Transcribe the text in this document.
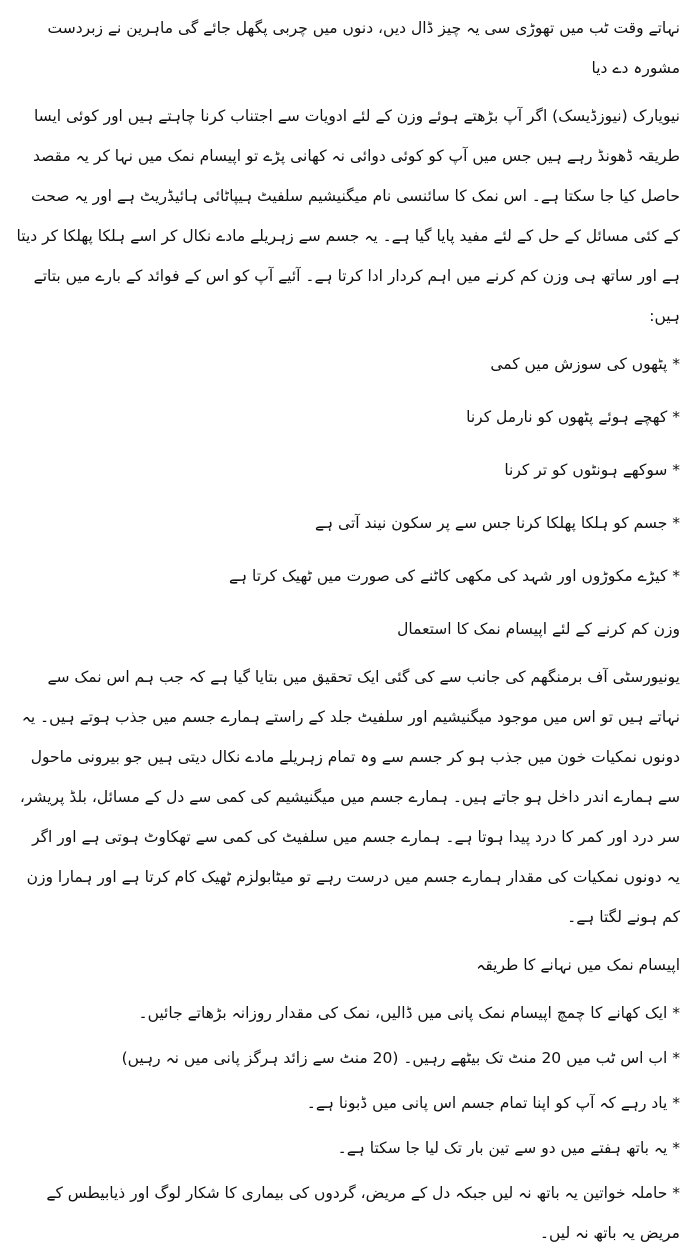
نہاتے وقت ٹب میں تھوڑی سی یہ چیز ڈال دیں، دنوں میں چربی پگھل جائے گی ماہرین نے زبردست مشورہ دے دیا

نیویارک (نیوزڈیسک) اگر آپ بڑھتے ہوئے وزن کے لئے ادویات سے اجتناب کرنا چاہتے ہیں اور کوئی ایسا طریقہ ڈھونڈ رہے ہیں جس میں آپ کو کوئی دوائی نہ کھانی پڑے تو اپیسام نمک میں نہا کر یہ مقصد حاصل کیا جا سکتا ہے۔ اس نمک کا سائنسی نام میگنیشیم سلفیٹ ہیپاٹائی ہائیڈریٹ ہے اور یہ صحت کے کئی مسائل کے حل کے لئے مفید پایا گیا ہے۔ یہ جسم سے زہریلے مادے نکال کر اسے ہلکا پھلکا کر دیتا ہے اور ساتھ ہی وزن کم کرنے میں اہم کردار ادا کرتا ہے۔ آئیے آپ کو اس کے فوائد کے بارے میں بتاتے ہیں:

* پٹھوں کی سوزش میں کمی

* کھچے ہوئے پٹھوں کو نارمل کرنا

* سوکھے ہونٹوں کو تر کرنا

* جسم کو ہلکا پھلکا کرنا جس سے پر سکون نیند آتی ہے

* کیڑے مکوڑوں اور شہد کی مکھی کاٹنے کی صورت میں ٹھیک کرتا ہے

وزن کم کرنے کے لئے اپیسام نمک کا استعمال

یونیورسٹی آف برمنگھم کی جانب سے کی گئی ایک تحقیق میں بتایا گیا ہے کہ جب ہم اس نمک سے نہاتے ہیں تو اس میں موجود میگنیشیم اور سلفیٹ جلد کے راستے ہمارے جسم میں جذب ہوتے ہیں۔ یہ دونوں نمکیات خون میں جذب ہو کر جسم سے وہ تمام زہریلے مادے نکال دیتی ہیں جو بیرونی ماحول سے ہمارے اندر داخل ہو جاتے ہیں۔ ہمارے جسم میں میگنیشیم کی کمی سے دل کے مسائل، بلڈ پریشر، سر درد اور کمر کا درد پیدا ہوتا ہے۔ ہمارے جسم میں سلفیٹ کی کمی سے تھکاوٹ ہوتی ہے اور اگر یہ دونوں نمکیات کی مقدار ہمارے جسم میں درست رہے تو میٹابولزم ٹھیک کام کرتا ہے اور ہمارا وزن کم ہونے لگتا ہے۔

اپیسام نمک میں نہانے کا طریقہ

* ایک کھانے کا چمچ اپیسام نمک پانی میں ڈالیں، نمک کی مقدار روزانہ بڑھاتے جائیں۔

* اب اس ٹب میں 20 منٹ تک بیٹھے رہیں۔ (20 منٹ سے زائد ہرگز پانی میں نہ رہیں)

* یاد رہے کہ آپ کو اپنا تمام جسم اس پانی میں ڈبونا ہے۔

* یہ باتھ ہفتے میں دو سے تین بار تک لیا جا سکتا ہے۔

* حاملہ خواتین یہ باتھ نہ لیں جبکہ دل کے مریض، گردوں کی بیماری کا شکار لوگ اور ذیابیطس کے مریض یہ باتھ نہ لیں۔
